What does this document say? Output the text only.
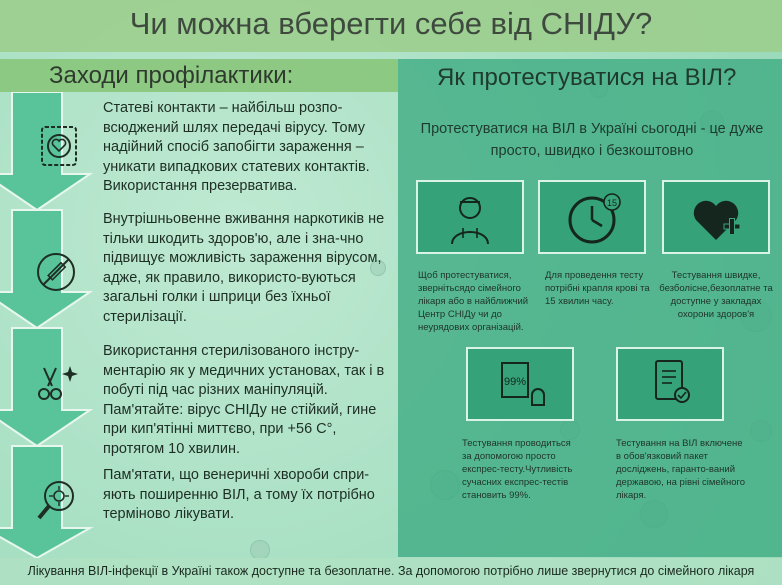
Чи можна вберегти себе від СНІДУ?
Заходи профілактики:	Як протестуватися на ВІЛ?
Протестуватися на ВІЛ в Україні сьогодні - це дуже просто, швидко і безкоштовно
Статеві контакти – найбільш розпо-всюджений шлях передачі вірусу. Тому надійний спосіб запобігти зараження – уникати випадкових статевих контактів. Використання презерватива.
Внутрішньовенне вживання наркотиків не тільки шкодить здоров'ю, але і зна-чно підвищує можливість зараження вірусом, адже, як правило, використо-вуються загальні голки і шприци без їхньої стерилізації.
Використання стерилізованого інстру-ментарію як у медичних установах, так і в побуті під час різних маніпуляцій. Пам'ятайте: вірус СНІДу не стійкий, гине при кип'ятінні миттєво, при +56 С°, протягом 10 хвилин.
Пам'ятати, що венеричні хвороби спри-яють поширенню ВІЛ, а тому їх потрібно терміново лікувати.
15
99%
Щоб протестуватися, звернітьсядо сімейного лікаря або в найближчий Центр СНІДу чи до неурядових організацій.
Для проведення тесту потрібні крапля крові та 15 хвилин часу.
Тестування швидке, безболісне,безоплатне та доступне у закладах охорони здоров'я
Тестування проводиться за допомогою просто експрес-тесту.Чутливість сучасних експрес-тестів становить 99%.
Тестування на ВІЛ включене в обов'язковий пакет досліджень, гаранто-ваний державою, на рівні сімейного лікаря.
Лікування ВІЛ-інфекції в Україні також доступне та безоплатне. За допомогою потрібно лише звернутися до сімейного лікаря
